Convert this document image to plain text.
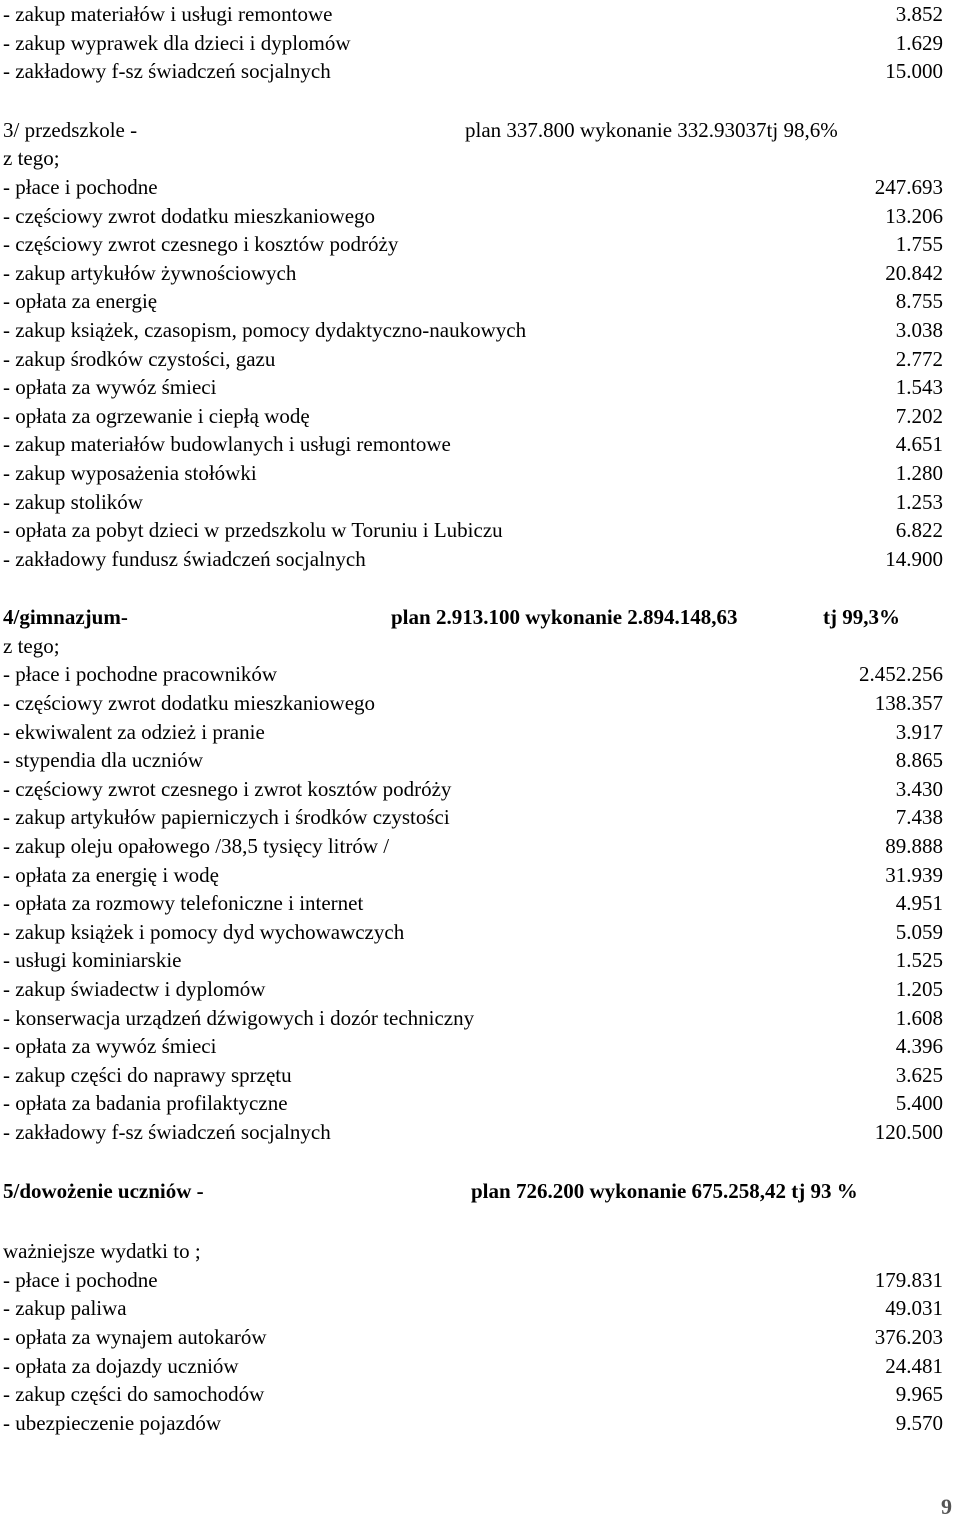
- zakup materiałów i usługi remontowe	3.852
- zakup wyprawek dla dzieci i dyplomów	1.629
- zakładowy f-sz świadczeń socjalnych	15.000
3/ przedszkole -	plan 337.800 wykonanie 332.93037tj 98,6%
z tego;
- płace i pochodne	247.693
- częściowy zwrot dodatku mieszkaniowego	13.206
- częściowy zwrot czesnego i kosztów podróży	1.755
- zakup artykułów żywnościowych	20.842
- opłata za energię	8.755
- zakup książek, czasopism, pomocy dydaktyczno-naukowych	3.038
- zakup środków czystości, gazu	2.772
- opłata za wywóz śmieci	1.543
- opłata za ogrzewanie i ciepłą wodę	7.202
- zakup materiałów budowlanych i usługi remontowe	4.651
- zakup wyposażenia stołówki	1.280
- zakup stolików	1.253
- opłata za pobyt dzieci w przedszkolu w Toruniu i Lubiczu	6.822
- zakładowy fundusz świadczeń socjalnych	14.900
4/gimnazjum-	plan 2.913.100 wykonanie 2.894.148,63	tj 99,3%
z tego;
- płace i pochodne pracowników	2.452.256
- częściowy zwrot dodatku mieszkaniowego	138.357
- ekwiwalent za odzież i pranie	3.917
- stypendia dla uczniów	8.865
- częściowy zwrot czesnego i zwrot kosztów podróży	3.430
- zakup artykułów papierniczych i środków czystości	7.438
- zakup oleju opałowego /38,5 tysięcy litrów /	89.888
- opłata za energię i wodę	31.939
- opłata za rozmowy telefoniczne i internet	4.951
- zakup książek i pomocy dyd wychowawczych	5.059
- usługi kominiarskie	1.525
- zakup świadectw i dyplomów	1.205
- konserwacja urządzeń dźwigowych i dozór techniczny	1.608
- opłata za wywóz śmieci	4.396
- zakup części do naprawy sprzętu	3.625
- opłata za badania profilaktyczne	5.400
- zakładowy f-sz świadczeń socjalnych	120.500
5/dowożenie uczniów -	plan 726.200 wykonanie 675.258,42 tj 93 %
ważniejsze wydatki to ;
- płace i pochodne	179.831
- zakup paliwa	49.031
- opłata za wynajem autokarów	376.203
- opłata za dojazdy uczniów	24.481
- zakup części do samochodów	9.965
- ubezpieczenie pojazdów	9.570
9
